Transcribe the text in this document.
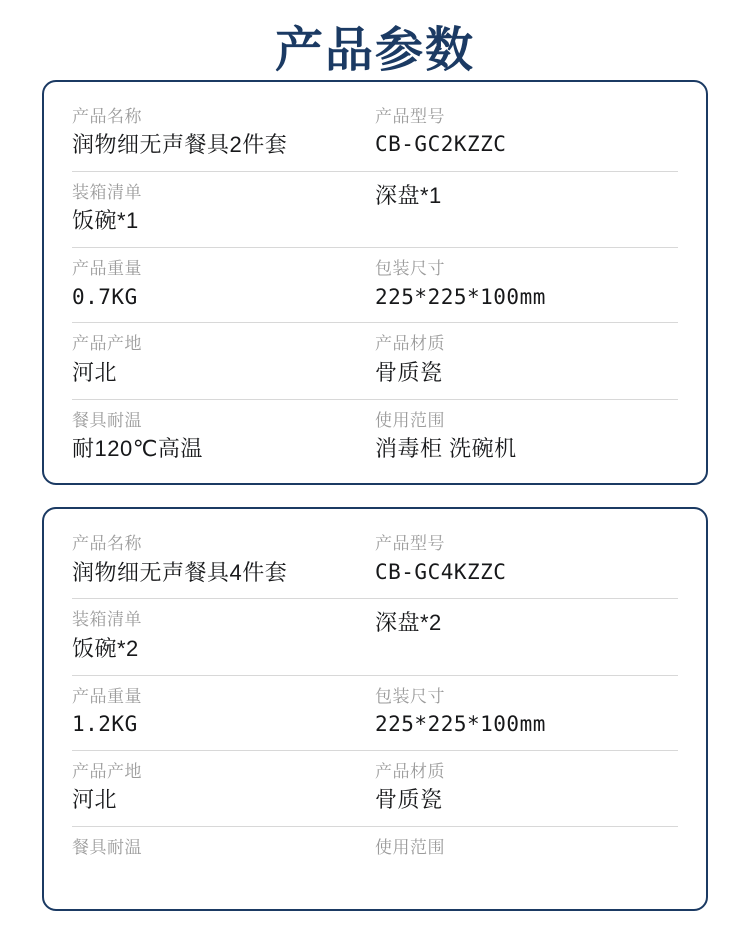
产品参数
产品名称
润物细无声餐具2件套
产品型号
CB-GC2KZZC
装箱清单
饭碗*1
深盘*1
产品重量
0.7KG
包装尺寸
225*225*100mm
产品产地
河北
产品材质
骨质瓷
餐具耐温
耐120℃高温
使用范围
消毒柜 洗碗机
产品名称
润物细无声餐具4件套
产品型号
CB-GC4KZZC
装箱清单
饭碗*2
深盘*2
产品重量
1.2KG
包装尺寸
225*225*100mm
产品产地
河北
产品材质
骨质瓷
餐具耐温	使用范围
